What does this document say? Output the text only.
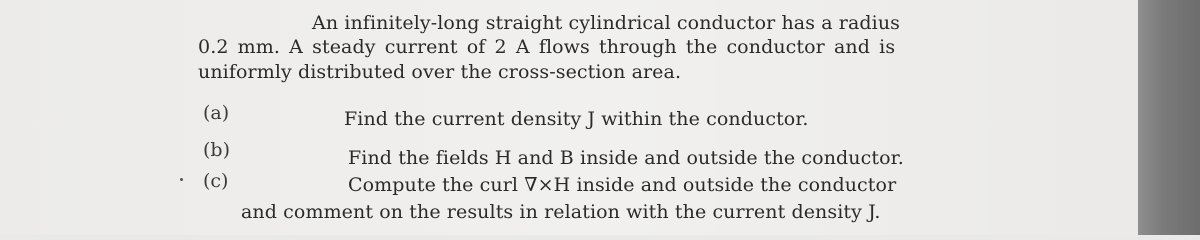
An infinitely-long straight cylindrical conductor has a radius
0.2 mm. A steady current of 2 A flows through the conductor and is
uniformly distributed over the cross-section area.
(a)	Find the current density J within the conductor.
(b)	Find the fields H and B inside and outside the conductor.
(c)	Compute the curl ∇×H inside and outside the conductor
and comment on the results in relation with the current density J.
